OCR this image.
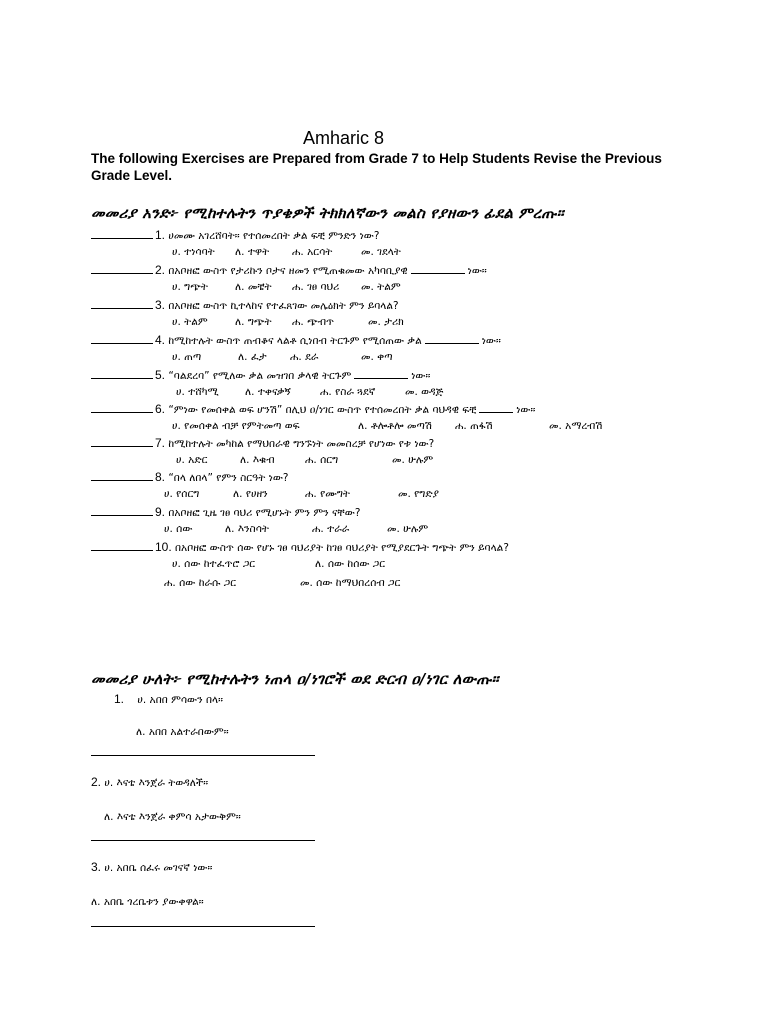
Amharic 8
The following Exercises are Prepared from Grade 7 to Help Students Revise the Previous Grade Level.
መመሪያ አንድ፦ የሚከተሉትን ጥያቄዎች ትክክለኛውን መልስ የያዘውን ፊደል ምረጡ።
1. ሀመሙ አገረሸባት። የተሰመረበት ቃል ፍቺ ምንድን ነው?
ሀ. ተነሳባት ለ. ተዋት ሐ. አርሳት	መ. ገደላት
2. በአቦዘፎ ውስጥ የታሪኩን ቦታና ዘመን የሚጠቁመው አካባቢያዊ	ነው።
ሀ. ግጭት	ለ. መቼት ሐ. ገፀ ባህሪ መ. ትልም
3. በአቦዘፎ ውስጥ ኪተላከና የተፈጸገው መሌዕክት ምን ይባላል?
ሀ. ትልም	ለ. ግጭት ሐ. ጭብጥ	መ. ታሪክ
4. ከሚከተሉት ውስጥ ጠብቆና ላልቶ ሲነበብ ትርጉም የሚሰጠው ቃል	ነው።
ሀ. ጠጣ	ለ. ፈታ ሐ. ደራ	መ. ቀጣ
5. “ባልደረባ” የሚለው ቃል መዝገበ ቃላዊ ትርጉም	ነው።
ሀ. ተሸካሚ	ለ. ተቀናቃኝ	ሐ. የስራ ጓደኛ	መ. ወዳጅ
6. “ምነው የመሰቀል ወፍ ሆንሽ” በሊህ ዐ/ነገር ውስጥ የተሰመረበት ቃል ባህዳዊ ፍቺ	ነው።
ሀ. የመሰቀል ብቻ የምትመጣ ወፍ	ለ. ቶሎቶሎ መጣሽ ሐ. ጠፋሽ	መ. አማረብሽ
7. ከሚከተሉት መካከል የማህበራዊ ግንኙነት መመስረቻ የሆነው የቱ ነው?
ሀ. አድር	ለ. እቁብ	ሐ. ሰርግ	መ. ሁሉም
8. “በላ ለበላ” የምን ስርዓት ነው?
ሀ. የሰርግ	ለ. የሀዘን	ሐ. የሙግት	መ. የግድያ
9. በአቦዘፎ ጊዜ ገፀ ባህሪ የሚሆኑት ምን ምን ናቸው?
ሀ. ሰው	ለ. እንስሳት	ሐ. ተራራ	መ. ሁሉም
10. በአቦዘፎ ውስጥ ሰው የሆኑ ገፀ ባህሪያት ከገፀ ባህሪያት የሚያደርጉት ግጭት ምን ይባላል?
ሀ. ሰው ከተፈጥሮ ጋር	ለ. ሰው ከሰው ጋር
ሐ. ሰው ከራሱ ጋር	መ. ሰው ከማህበረሰብ ጋር
መመሪያ ሁለት፦ የሚከተሉትን ነጠላ ዐ/ነገሮች ወደ ድርብ ዐ/ነገር ለውጡ።
1. ሀ. አበበ ምሳውን በላ።
ለ. አበበ አልተራበውም።
2. ሀ. እናቴ እንጀራ ትወዳለች።
ለ. እናቴ እንጀራ ቀምሳ አታውቅም።
3. ሀ. አበቤ ሰፈሩ መገናኛ ነው።
ለ. አበቤ ጎረቤቱን ያውቀዋል።
